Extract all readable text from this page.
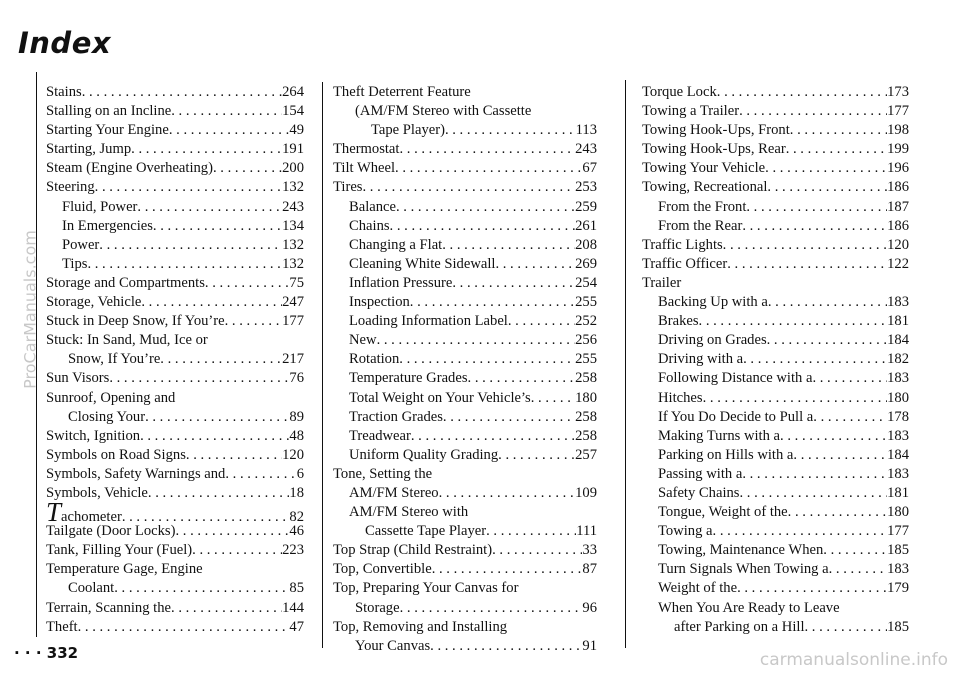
Index
Stains . . .	264
Stalling on an Incline . . .	154
Starting Your Engine . . .	49
Starting, Jump . . .	191
Steam (Engine Overheating) . . .	200
Steering . . .	132
Fluid, Power . . .	243
In Emergencies . . .	134
Power . . .	132
Tips . . .	132
Storage and Compartments . . .	75
Storage, Vehicle . . .	247
Stuck in Deep Snow, If You’re . . .	177
Stuck: In Sand, Mud, Ice or
Snow, If You’re . . .	217
Sun Visors . . .	76
Sunroof, Opening and
Closing Your . . .	89
Switch, Ignition . . .	48
Symbols on Road Signs . . .	120
Symbols, Safety Warnings and . . .	6
Symbols, Vehicle . . .	18
Tachometer . . .	82
Tailgate (Door Locks) . . .	46
Tank, Filling Your (Fuel) . . .	223
Temperature Gage, Engine
Coolant . . .	85
Terrain, Scanning the . . .	144
Theft . . .	47
Theft Deterrent Feature
(AM/FM Stereo with Cassette
Tape Player) . . .	113
Thermostat . . .	243
Tilt Wheel . . .	67
Tires . . .	253
Balance . . .	259
Chains . . .	261
Changing a Flat . . .	208
Cleaning White Sidewall . . .	269
Inflation Pressure . . .	254
Inspection . . .	255
Loading Information Label . . .	252
New . . .	256
Rotation . . .	255
Temperature Grades . . .	258
Total Weight on Your Vehicle’s . . .	180
Traction Grades . . .	258
Treadwear . . .	258
Uniform Quality Grading . . .	257
Tone, Setting the
AM/FM Stereo . . .	109
AM/FM Stereo with
Cassette Tape Player . . .	111
Top Strap (Child Restraint) . . .	33
Top, Convertible . . .	87
Top, Preparing Your Canvas for
Storage . . .	96
Top, Removing and Installing
Your Canvas . . .	91
Torque Lock . . .	173
Towing a Trailer . . .	177
Towing Hook-Ups, Front . . .	198
Towing Hook-Ups, Rear . . .	199
Towing Your Vehicle . . .	196
Towing, Recreational . . .	186
From the Front . . .	187
From the Rear . . .	186
Traffic Lights . . .	120
Traffic Officer . . .	122
Trailer
Backing Up with a . . .	183
Brakes . . .	181
Driving on Grades . . .	184
Driving with a . . .	182
Following Distance with a . . .	183
Hitches . . .	180
If You Do Decide to Pull a . . .	178
Making Turns with a . . .	183
Parking on Hills with a . . .	184
Passing with a . . .	183
Safety Chains . . .	181
Tongue, Weight of the . . .	180
Towing a . . .	177
Towing, Maintenance When . . .	185
Turn Signals When Towing a . . .	183
Weight of the . . .	179
When You Are Ready to Leave
after Parking on a Hill . . .	185
· · · 332
ProCarManuals.com
carmanualsonline.info
